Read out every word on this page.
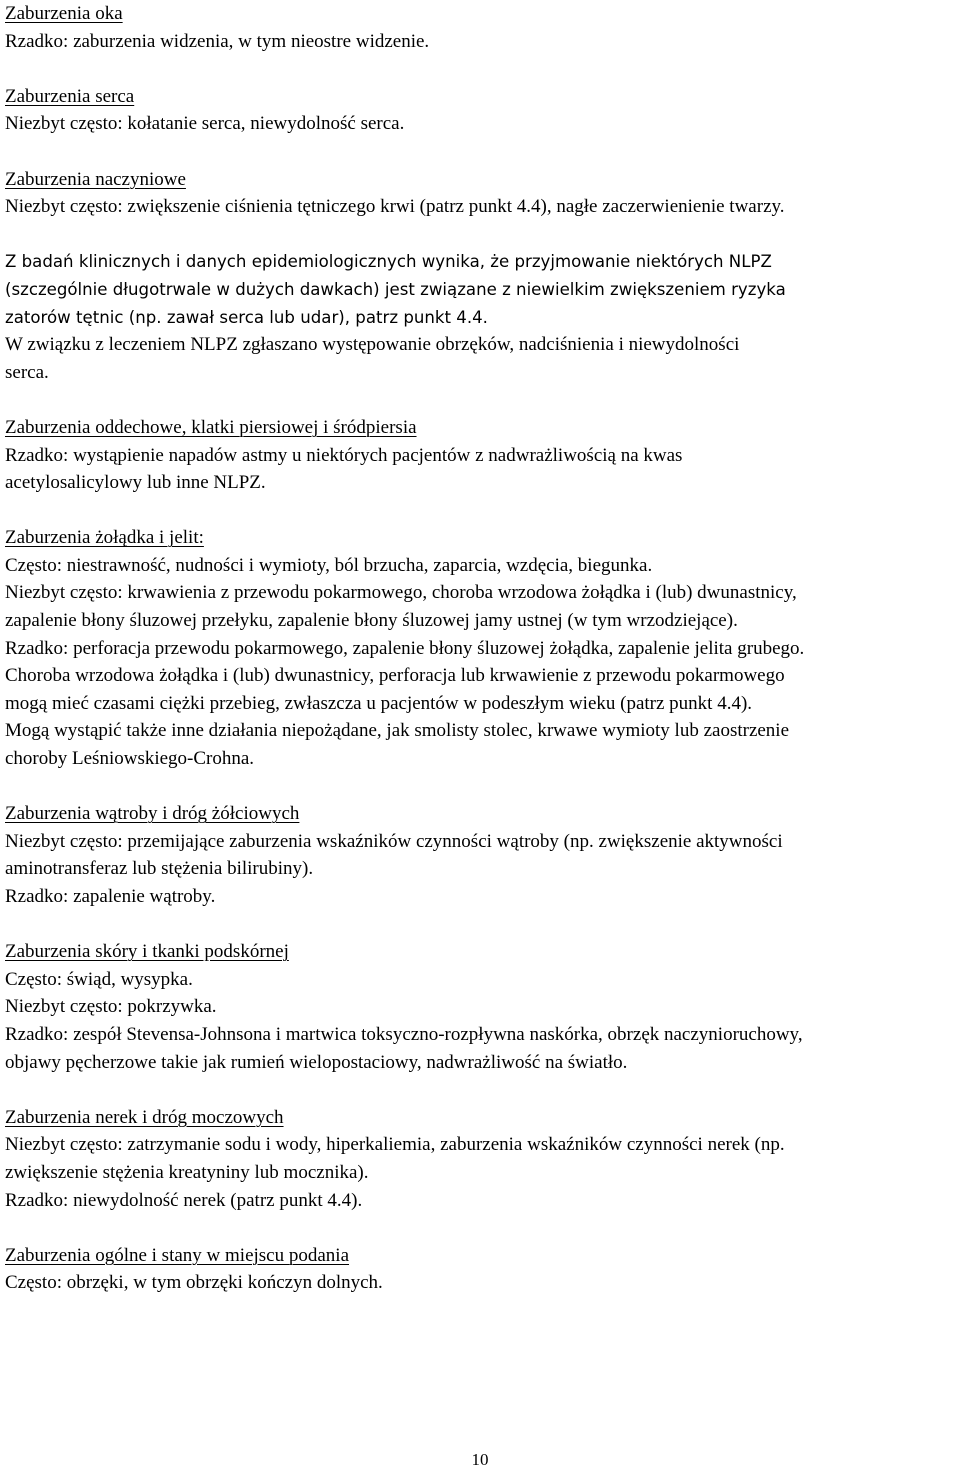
Zaburzenia oka
Rzadko: zaburzenia widzenia, w tym nieostre widzenie.
Zaburzenia serca
Niezbyt często: kołatanie serca, niewydolność serca.
Zaburzenia naczyniowe
Niezbyt często: zwiększenie ciśnienia tętniczego krwi (patrz punkt 4.4), nagłe zaczerwienienie twarzy.
Z badań klinicznych i danych epidemiologicznych wynika, że przyjmowanie niektórych NLPZ
(szczególnie długotrwale w dużych dawkach) jest związane z niewielkim zwiększeniem ryzyka
zatorów tętnic (np. zawał serca lub udar), patrz punkt 4.4.
W związku z leczeniem NLPZ zgłaszano występowanie obrzęków, nadciśnienia i niewydolności
serca.
Zaburzenia oddechowe, klatki piersiowej i śródpiersia
Rzadko: wystąpienie napadów astmy u niektórych pacjentów z nadwrażliwością na kwas
acetylosalicylowy lub inne NLPZ.
Zaburzenia żołądka i jelit:
Często: niestrawność, nudności i wymioty, ból brzucha, zaparcia, wzdęcia, biegunka.
Niezbyt często: krwawienia z przewodu pokarmowego, choroba wrzodowa żołądka i (lub) dwunastnicy,
zapalenie błony śluzowej przełyku, zapalenie błony śluzowej jamy ustnej (w tym wrzodziejące).
Rzadko: perforacja przewodu pokarmowego, zapalenie błony śluzowej żołądka, zapalenie jelita grubego.
Choroba wrzodowa żołądka i (lub) dwunastnicy, perforacja lub krwawienie z przewodu pokarmowego
mogą mieć czasami ciężki przebieg, zwłaszcza u pacjentów w podeszłym wieku (patrz punkt 4.4).
Mogą wystąpić także inne działania niepożądane, jak smolisty stolec, krwawe wymioty lub zaostrzenie
choroby Leśniowskiego-Crohna.
Zaburzenia wątroby i dróg żółciowych
Niezbyt często: przemijające zaburzenia wskaźników czynności wątroby (np. zwiększenie aktywności
aminotransferaz lub stężenia bilirubiny).
Rzadko: zapalenie wątroby.
Zaburzenia skóry i tkanki podskórnej
Często: świąd, wysypka.
Niezbyt często: pokrzywka.
Rzadko: zespół Stevensa-Johnsona i martwica toksyczno-rozpływna naskórka, obrzęk naczynioruchowy,
objawy pęcherzowe takie jak rumień wielopostaciowy, nadwrażliwość na światło.
Zaburzenia nerek i dróg moczowych
Niezbyt często: zatrzymanie sodu i wody, hiperkaliemia, zaburzenia wskaźników czynności nerek (np.
zwiększenie stężenia kreatyniny lub mocznika).
Rzadko: niewydolność nerek (patrz punkt 4.4).
Zaburzenia ogólne i stany w miejscu podania
Często: obrzęki, w tym obrzęki kończyn dolnych.
10
